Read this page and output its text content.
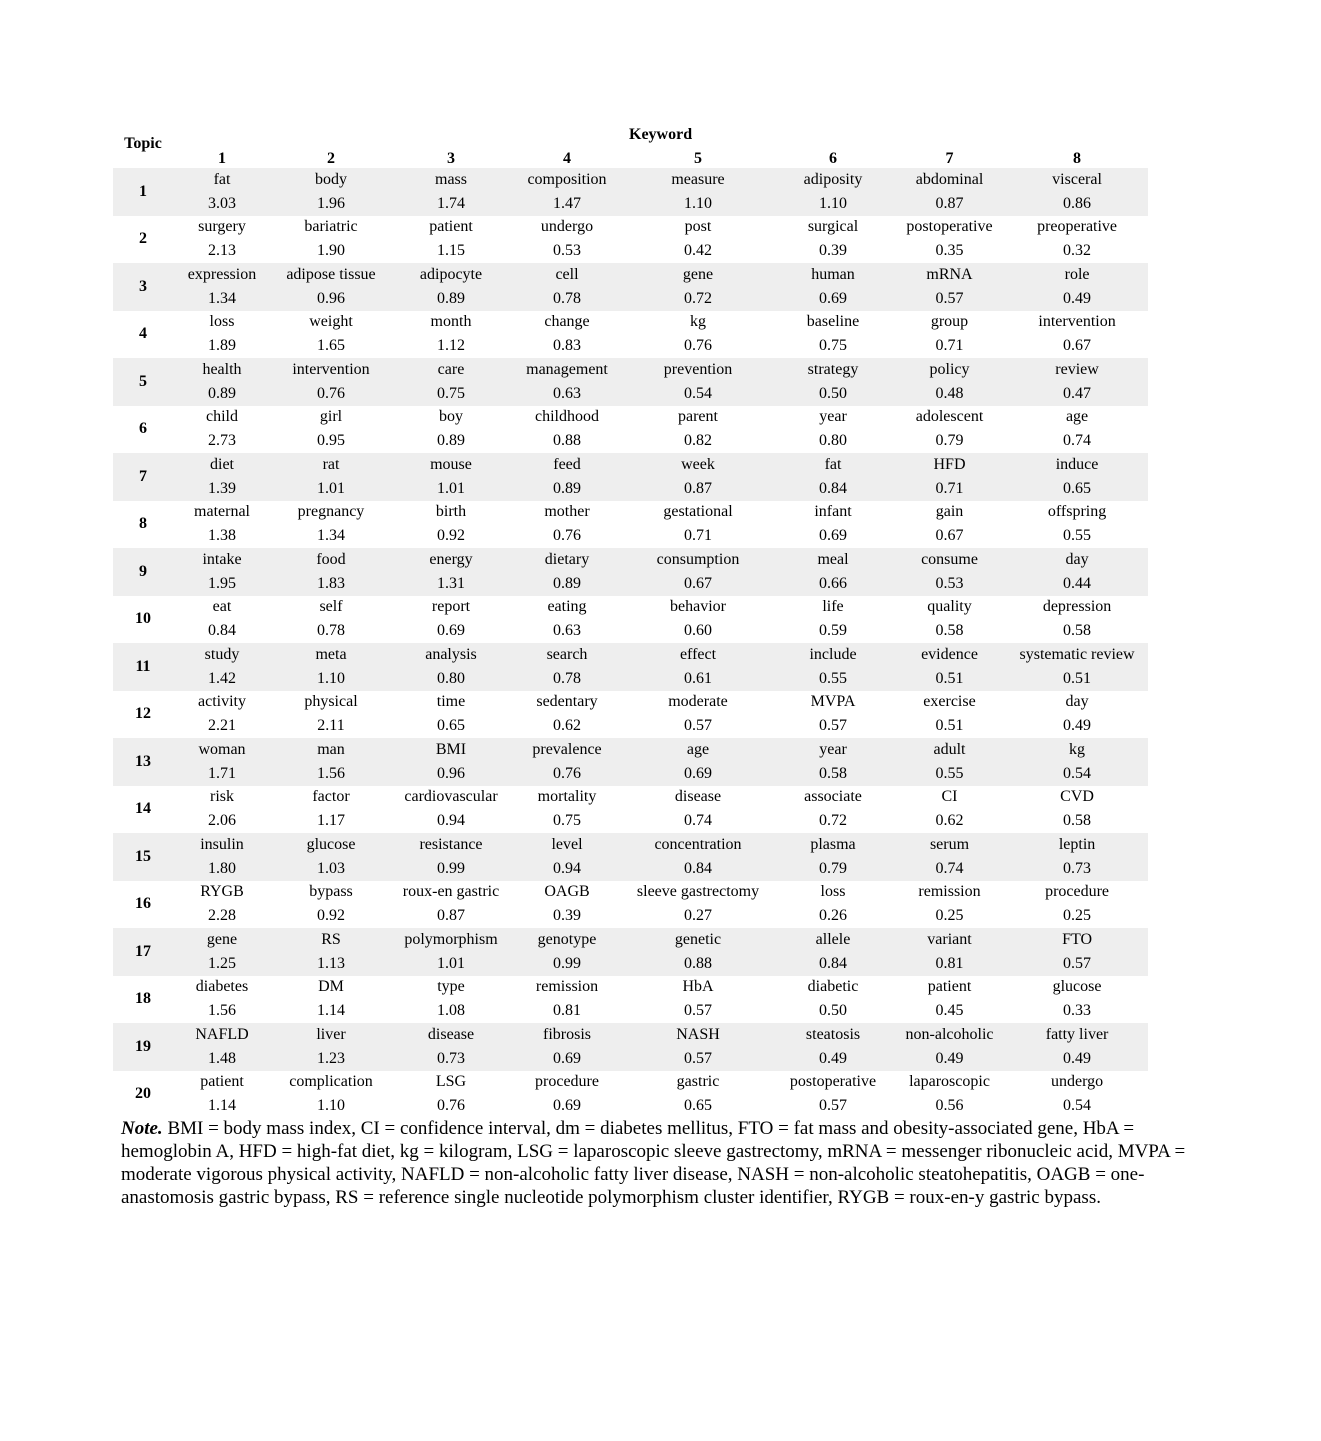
Topic	Keyword							
	1	2	3	4	5	6	7	8
1	fat	body	mass	composition	measure	adiposity	abdominal	visceral
	3.03	1.96	1.74	1.47	1.10	1.10	0.87	0.86
2	surgery	bariatric	patient	undergo	post	surgical	postoperative	preoperative
	2.13	1.90	1.15	0.53	0.42	0.39	0.35	0.32
3	expression	adipose tissue	adipocyte	cell	gene	human	mRNA	role
	1.34	0.96	0.89	0.78	0.72	0.69	0.57	0.49
4	loss	weight	month	change	kg	baseline	group	intervention
	1.89	1.65	1.12	0.83	0.76	0.75	0.71	0.67
5	health	intervention	care	management	prevention	strategy	policy	review
	0.89	0.76	0.75	0.63	0.54	0.50	0.48	0.47
6	child	girl	boy	childhood	parent	year	adolescent	age
	2.73	0.95	0.89	0.88	0.82	0.80	0.79	0.74
7	diet	rat	mouse	feed	week	fat	HFD	induce
	1.39	1.01	1.01	0.89	0.87	0.84	0.71	0.65
8	maternal	pregnancy	birth	mother	gestational	infant	gain	offspring
	1.38	1.34	0.92	0.76	0.71	0.69	0.67	0.55
9	intake	food	energy	dietary	consumption	meal	consume	day
	1.95	1.83	1.31	0.89	0.67	0.66	0.53	0.44
10	eat	self	report	eating	behavior	life	quality	depression
	0.84	0.78	0.69	0.63	0.60	0.59	0.58	0.58
11	study	meta	analysis	search	effect	include	evidence	systematic review
	1.42	1.10	0.80	0.78	0.61	0.55	0.51	0.51
12	activity	physical	time	sedentary	moderate	MVPA	exercise	day
	2.21	2.11	0.65	0.62	0.57	0.57	0.51	0.49
13	woman	man	BMI	prevalence	age	year	adult	kg
	1.71	1.56	0.96	0.76	0.69	0.58	0.55	0.54
14	risk	factor	cardiovascular	mortality	disease	associate	CI	CVD
	2.06	1.17	0.94	0.75	0.74	0.72	0.62	0.58
15	insulin	glucose	resistance	level	concentration	plasma	serum	leptin
	1.80	1.03	0.99	0.94	0.84	0.79	0.74	0.73
16	RYGB	bypass	roux-en gastric	OAGB	sleeve gastrectomy	loss	remission	procedure
	2.28	0.92	0.87	0.39	0.27	0.26	0.25	0.25
17	gene	RS	polymorphism	genotype	genetic	allele	variant	FTO
	1.25	1.13	1.01	0.99	0.88	0.84	0.81	0.57
18	diabetes	DM	type	remission	HbA	diabetic	patient	glucose
	1.56	1.14	1.08	0.81	0.57	0.50	0.45	0.33
19	NAFLD	liver	disease	fibrosis	NASH	steatosis	non-alcoholic	fatty liver
	1.48	1.23	0.73	0.69	0.57	0.49	0.49	0.49
20	patient	complication	LSG	procedure	gastric	postoperative	laparoscopic	undergo
	1.14	1.10	0.76	0.69	0.65	0.57	0.56	0.54

Note. BMI = body mass index, CI = confidence interval, dm = diabetes mellitus, FTO = fat mass and obesity-associated gene, HbA = hemoglobin A, HFD = high-fat diet, kg = kilogram, LSG = laparoscopic sleeve gastrectomy, mRNA = messenger ribonucleic acid, MVPA = moderate vigorous physical activity, NAFLD = non-alcoholic fatty liver disease, NASH = non-alcoholic steatohepatitis, OAGB = one-anastomosis gastric bypass, RS = reference single nucleotide polymorphism cluster identifier, RYGB = roux-en-y gastric bypass.
